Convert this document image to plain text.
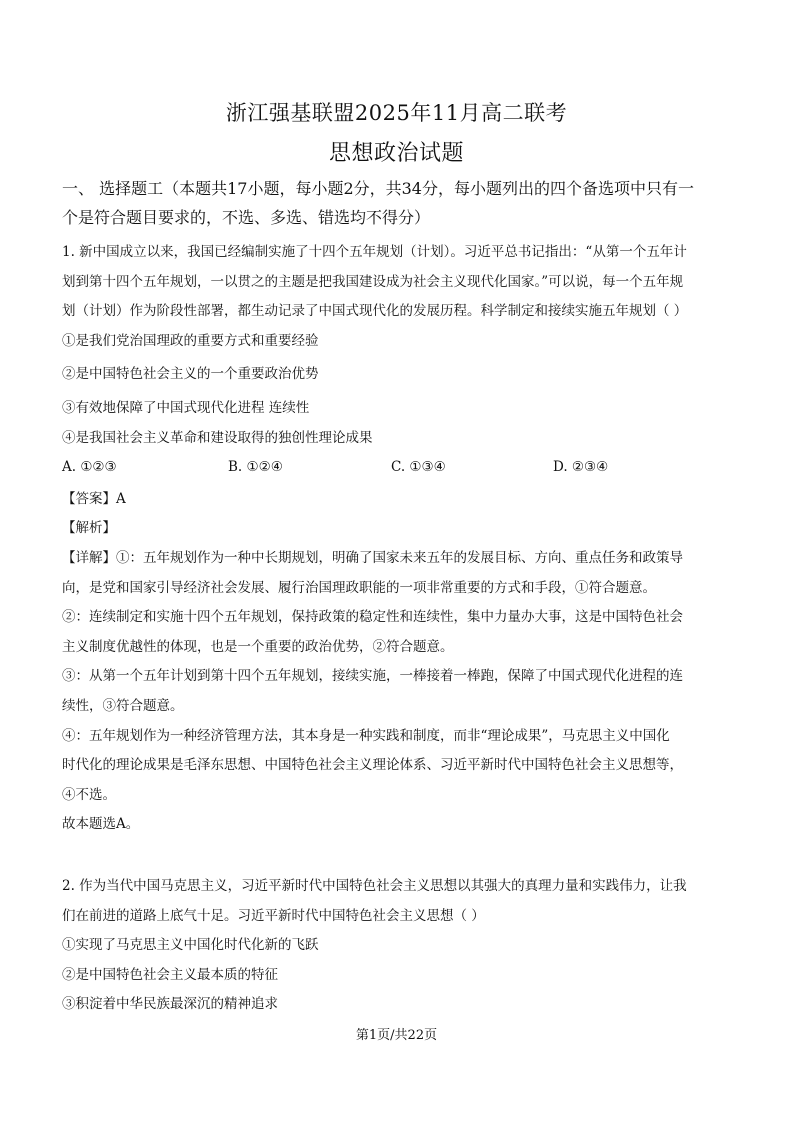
浙江强基联盟2025年11月高二联考
思想政治试题
一、 选择题工（本题共17小题，每小题2分，共34分，每小题列出的四个备选项中只有一
个是符合题目要求的，不选、多选、错选均不得分）
1. 新中国成立以来，我国已经编制实施了十四个五年规划（计划）。习近平总书记指出：“从第一个五年计
划到第十四个五年规划，一以贯之的主题是把我国建设成为社会主义现代化国家。”可以说，每一个五年规
划（计划）作为阶段性部署，都生动记录了中国式现代化的发展历程。科学制定和接续实施五年规划（ ）
①是我们党治国理政的重要方式和重要经验
②是中国特色社会主义的一个重要政治优势
③有效地保障了中国式现代化进程 连续性
④是我国社会主义革命和建设取得的独创性理论成果
A. ①②③	B. ①②④	C. ①③④	D. ②③④
【答案】A
【解析】
【详解】①：五年规划作为一种中长期规划，明确了国家未来五年的发展目标、方向、重点任务和政策导
向，是党和国家引导经济社会发展、履行治国理政职能的一项非常重要的方式和手段，①符合题意。
②：连续制定和实施十四个五年规划，保持政策的稳定性和连续性，集中力量办大事，这是中国特色社会
主义制度优越性的体现，也是一个重要的政治优势，②符合题意。
③：从第一个五年计划到第十四个五年规划，接续实施，一棒接着一棒跑，保障了中国式现代化进程的连
续性，③符合题意。
④：五年规划作为一种经济管理方法，其本身是一种实践和制度，而非“理论成果”，马克思主义中国化
时代化的理论成果是毛泽东思想、中国特色社会主义理论体系、习近平新时代中国特色社会主义思想等，
④不选。
故本题选A。
2. 作为当代中国马克思主义，习近平新时代中国特色社会主义思想以其强大的真理力量和实践伟力，让我
们在前进的道路上底气十足。习近平新时代中国特色社会主义思想（ ）
①实现了马克思主义中国化时代化新的飞跃
②是中国特色社会主义最本质的特征
③积淀着中华民族最深沉的精神追求
第1页/共22页
